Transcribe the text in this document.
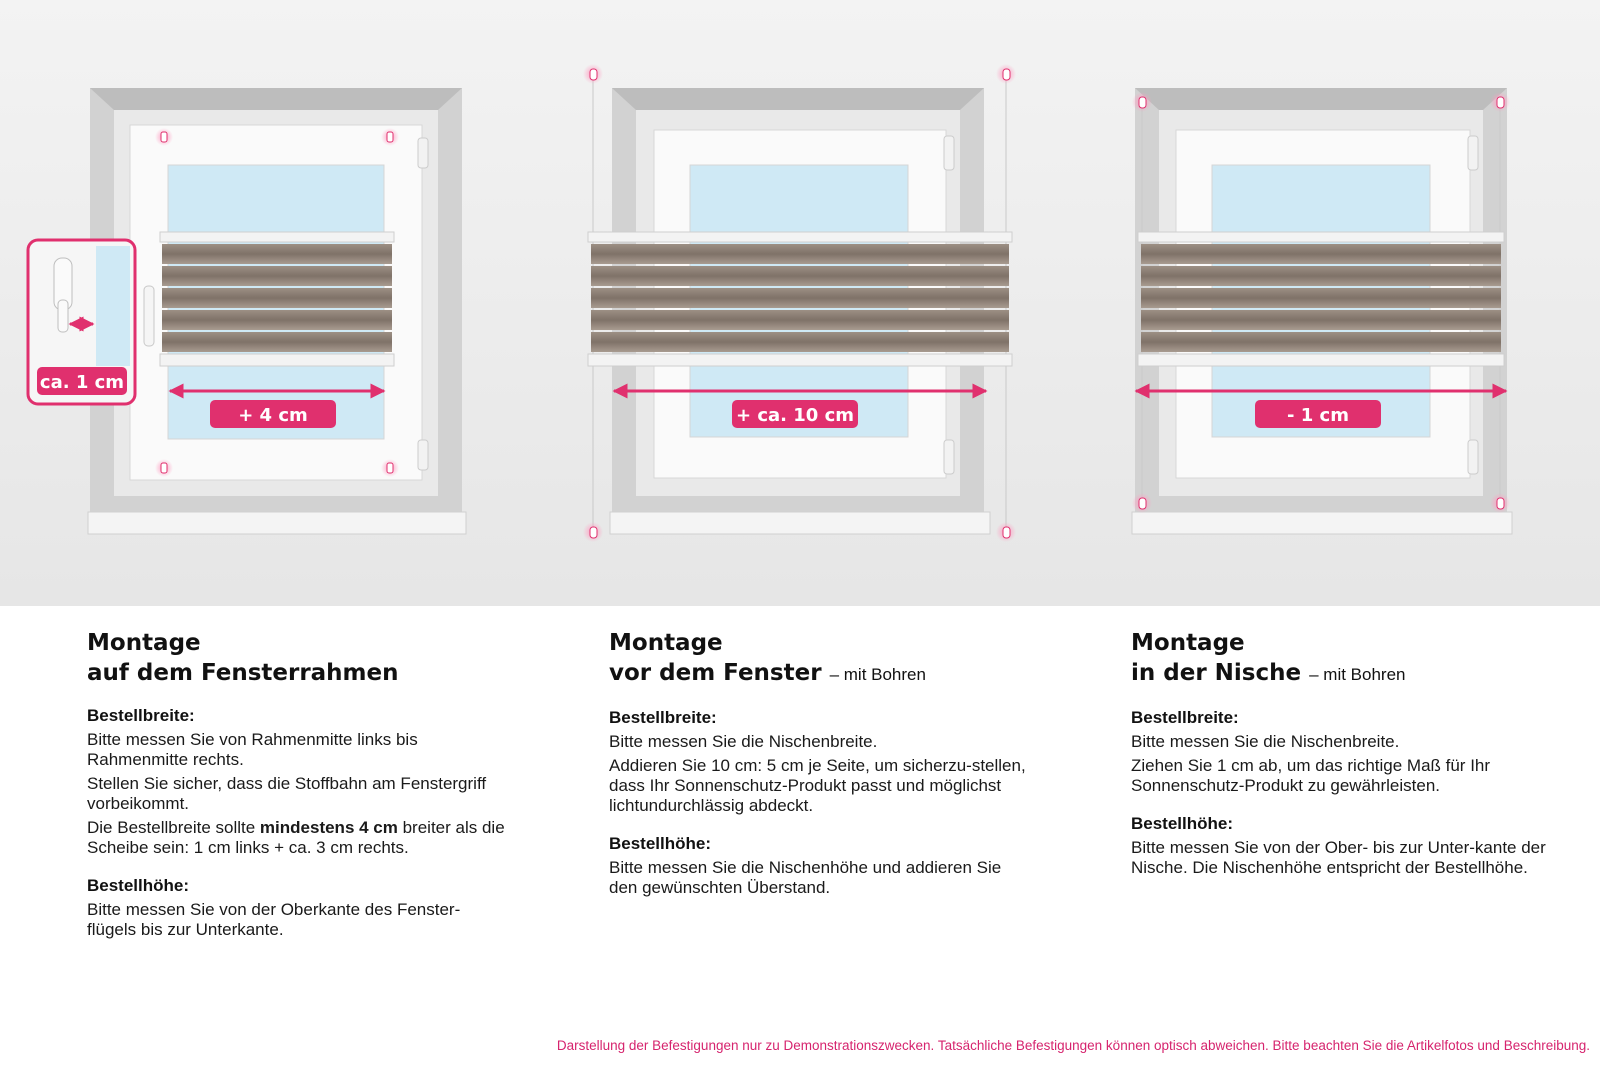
+ 4 cm
ca. 1 cm
+ ca. 10 cm	- 1 cm
Montage
auf dem Fensterrahmen
Bestellbreite:

Bitte messen Sie von Rahmenmitte links bis Rahmenmitte rechts.

Stellen Sie sicher, dass die Stoffbahn am Fenstergriff vorbeikommt.

Die Bestellbreite sollte mindestens 4 cm breiter als die Scheibe sein: 1 cm links + ca. 3 cm rechts.

Bestellhöhe:

Bitte messen Sie von der Oberkante des Fenster-flügels bis zur Unterkante.

Montage
vor dem Fenster – mit Bohren
Bestellbreite:

Bitte messen Sie die Nischenbreite.

Addieren Sie 10 cm: 5 cm je Seite, um sicherzu-stellen, dass Ihr Sonnenschutz-Produkt passt und möglichst lichtundurchlässig abdeckt.

Bestellhöhe:

Bitte messen Sie die Nischenhöhe und addieren Sie den gewünschten Überstand.

Montage
in der Nische – mit Bohren
Bestellbreite:

Bitte messen Sie die Nischenbreite.

Ziehen Sie 1 cm ab, um das richtige Maß für Ihr Sonnenschutz-Produkt zu gewährleisten.

Bestellhöhe:

Bitte messen Sie von der Ober- bis zur Unter-kante der Nische. Die Nischenhöhe entspricht der Bestellhöhe.

Darstellung der Befestigungen nur zu Demonstrationszwecken. Tatsächliche Befestigungen können optisch abweichen. Bitte beachten Sie die Artikelfotos und Beschreibung.
